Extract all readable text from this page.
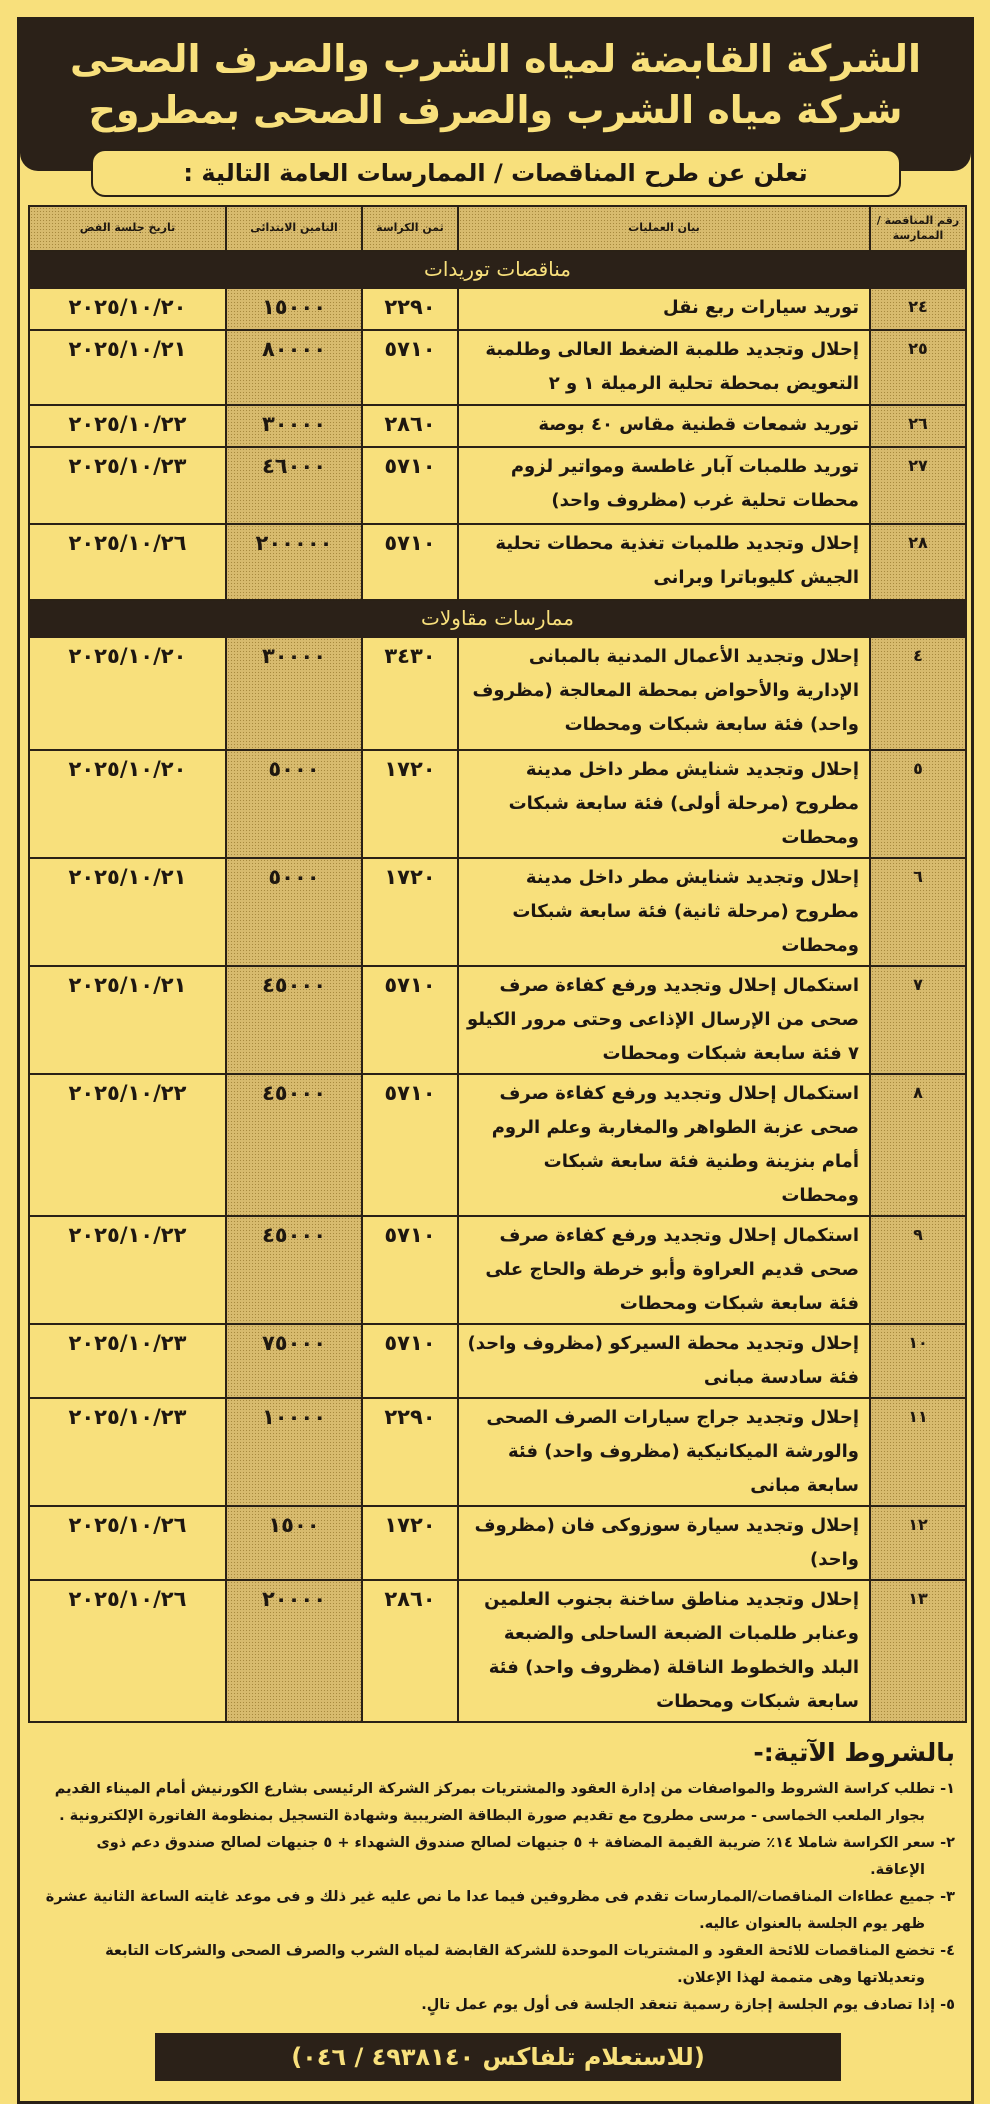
الشركة القابضة لمياه الشرب والصرف الصحى
شركة مياه الشرب والصرف الصحى بمطروح
تعلن عن طرح المناقصات / الممارسات العامة التالية :
رقم المناقصة / الممارسة	بيان العمليات	ثمن الكراسة	التامين الابتدائى	تاريخ جلسة الفض
مناقصات توريدات				
٢٤	توريد سيارات ربع نقل	٢٢٩٠	١٥٠٠٠	٢٠٢٥/١٠/٢٠
٢٥	إحلال وتجديد طلمبة الضغط العالى وطلمبة التعويض بمحطة تحلية الرميلة ١ و ٢	٥٧١٠	٨٠٠٠٠	٢٠٢٥/١٠/٢١
٢٦	توريد شمعات قطنية مقاس ٤٠ بوصة	٢٨٦٠	٣٠٠٠٠	٢٠٢٥/١٠/٢٢
٢٧	توريد طلمبات آبار غاطسة ومواتير لزوم محطات تحلية غرب (مظروف واحد)	٥٧١٠	٤٦٠٠٠	٢٠٢٥/١٠/٢٣
٢٨	إحلال وتجديد طلمبات تغذية محطات تحلية الجيش كليوباترا وبرانى	٥٧١٠	٢٠٠٠٠٠	٢٠٢٥/١٠/٢٦
ممارسات مقاولات				
٤	إحلال وتجديد الأعمال المدنية بالمبانى الإدارية والأحواض بمحطة المعالجة (مظروف واحد) فئة سابعة شبكات ومحطات	٣٤٣٠	٣٠٠٠٠	٢٠٢٥/١٠/٢٠
٥	إحلال وتجديد شنايش مطر داخل مدينة مطروح (مرحلة أولى) فئة سابعة شبكات ومحطات	١٧٢٠	٥٠٠٠	٢٠٢٥/١٠/٢٠
٦	إحلال وتجديد شنايش مطر داخل مدينة مطروح (مرحلة ثانية) فئة سابعة شبكات ومحطات	١٧٢٠	٥٠٠٠	٢٠٢٥/١٠/٢١
٧	استكمال إحلال وتجديد ورفع كفاءة صرف صحى من الإرسال الإذاعى وحتى مرور الكيلو ٧ فئة سابعة شبكات ومحطات	٥٧١٠	٤٥٠٠٠	٢٠٢٥/١٠/٢١
٨	استكمال إحلال وتجديد ورفع كفاءة صرف صحى عزبة الطواهر والمغاربة وعلم الروم أمام بنزينة وطنية فئة سابعة شبكات ومحطات	٥٧١٠	٤٥٠٠٠	٢٠٢٥/١٠/٢٢
٩	استكمال إحلال وتجديد ورفع كفاءة صرف صحى قديم العراوة وأبو خرطة والحاج على فئة سابعة شبكات ومحطات	٥٧١٠	٤٥٠٠٠	٢٠٢٥/١٠/٢٢
١٠	إحلال وتجديد محطة السيركو (مظروف واحد) فئة سادسة مبانى	٥٧١٠	٧٥٠٠٠	٢٠٢٥/١٠/٢٣
١١	إحلال وتجديد جراج سيارات الصرف الصحى والورشة الميكانيكية (مظروف واحد) فئة سابعة مبانى	٢٢٩٠	١٠٠٠٠	٢٠٢٥/١٠/٢٣
١٢	إحلال وتجديد سيارة سوزوكى فان (مظروف واحد)	١٧٢٠	١٥٠٠	٢٠٢٥/١٠/٢٦
١٣	إحلال وتجديد مناطق ساخنة بجنوب العلمين وعنابر طلمبات الضبعة الساحلى والضبعة البلد والخطوط الناقلة (مظروف واحد) فئة سابعة شبكات ومحطات	٢٨٦٠	٢٠٠٠٠	٢٠٢٥/١٠/٢٦
بالشروط الآتية:-

١- تطلب كراسة الشروط والمواصفات من إدارة العقود والمشتريات بمركز الشركة الرئيسى بشارع الكورنيش أمام الميناء القديم بجوار الملعب الخماسى - مرسى مطروح مع تقديم صورة البطاقة الضريبية وشهادة التسجيل بمنظومة الفاتورة الإلكترونية .

٢- سعر الكراسة شاملا ١٤٪ ضريبة القيمة المضافة + ٥ جنيهات لصالح صندوق الشهداء + ٥ جنيهات لصالح صندوق دعم ذوى الإعاقة.

٣- جميع عطاءات المناقصات/الممارسات تقدم فى مظروفين فيما عدا ما نص عليه غير ذلك و فى موعد غايته الساعة الثانية عشرة ظهر يوم الجلسة بالعنوان عاليه.

٤- تخضع المناقصات للائحة العقود و المشتريات الموحدة للشركة القابضة لمياه الشرب والصرف الصحى والشركات التابعة وتعديلاتها وهى متممة لهذا الإعلان.

٥- إذا تصادف يوم الجلسة إجازة رسمية تنعقد الجلسة فى أول يوم عمل تالٍ.

(للاستعلام تلفاكس ٤٩٣٨١٤٠ / ٠٤٦)
